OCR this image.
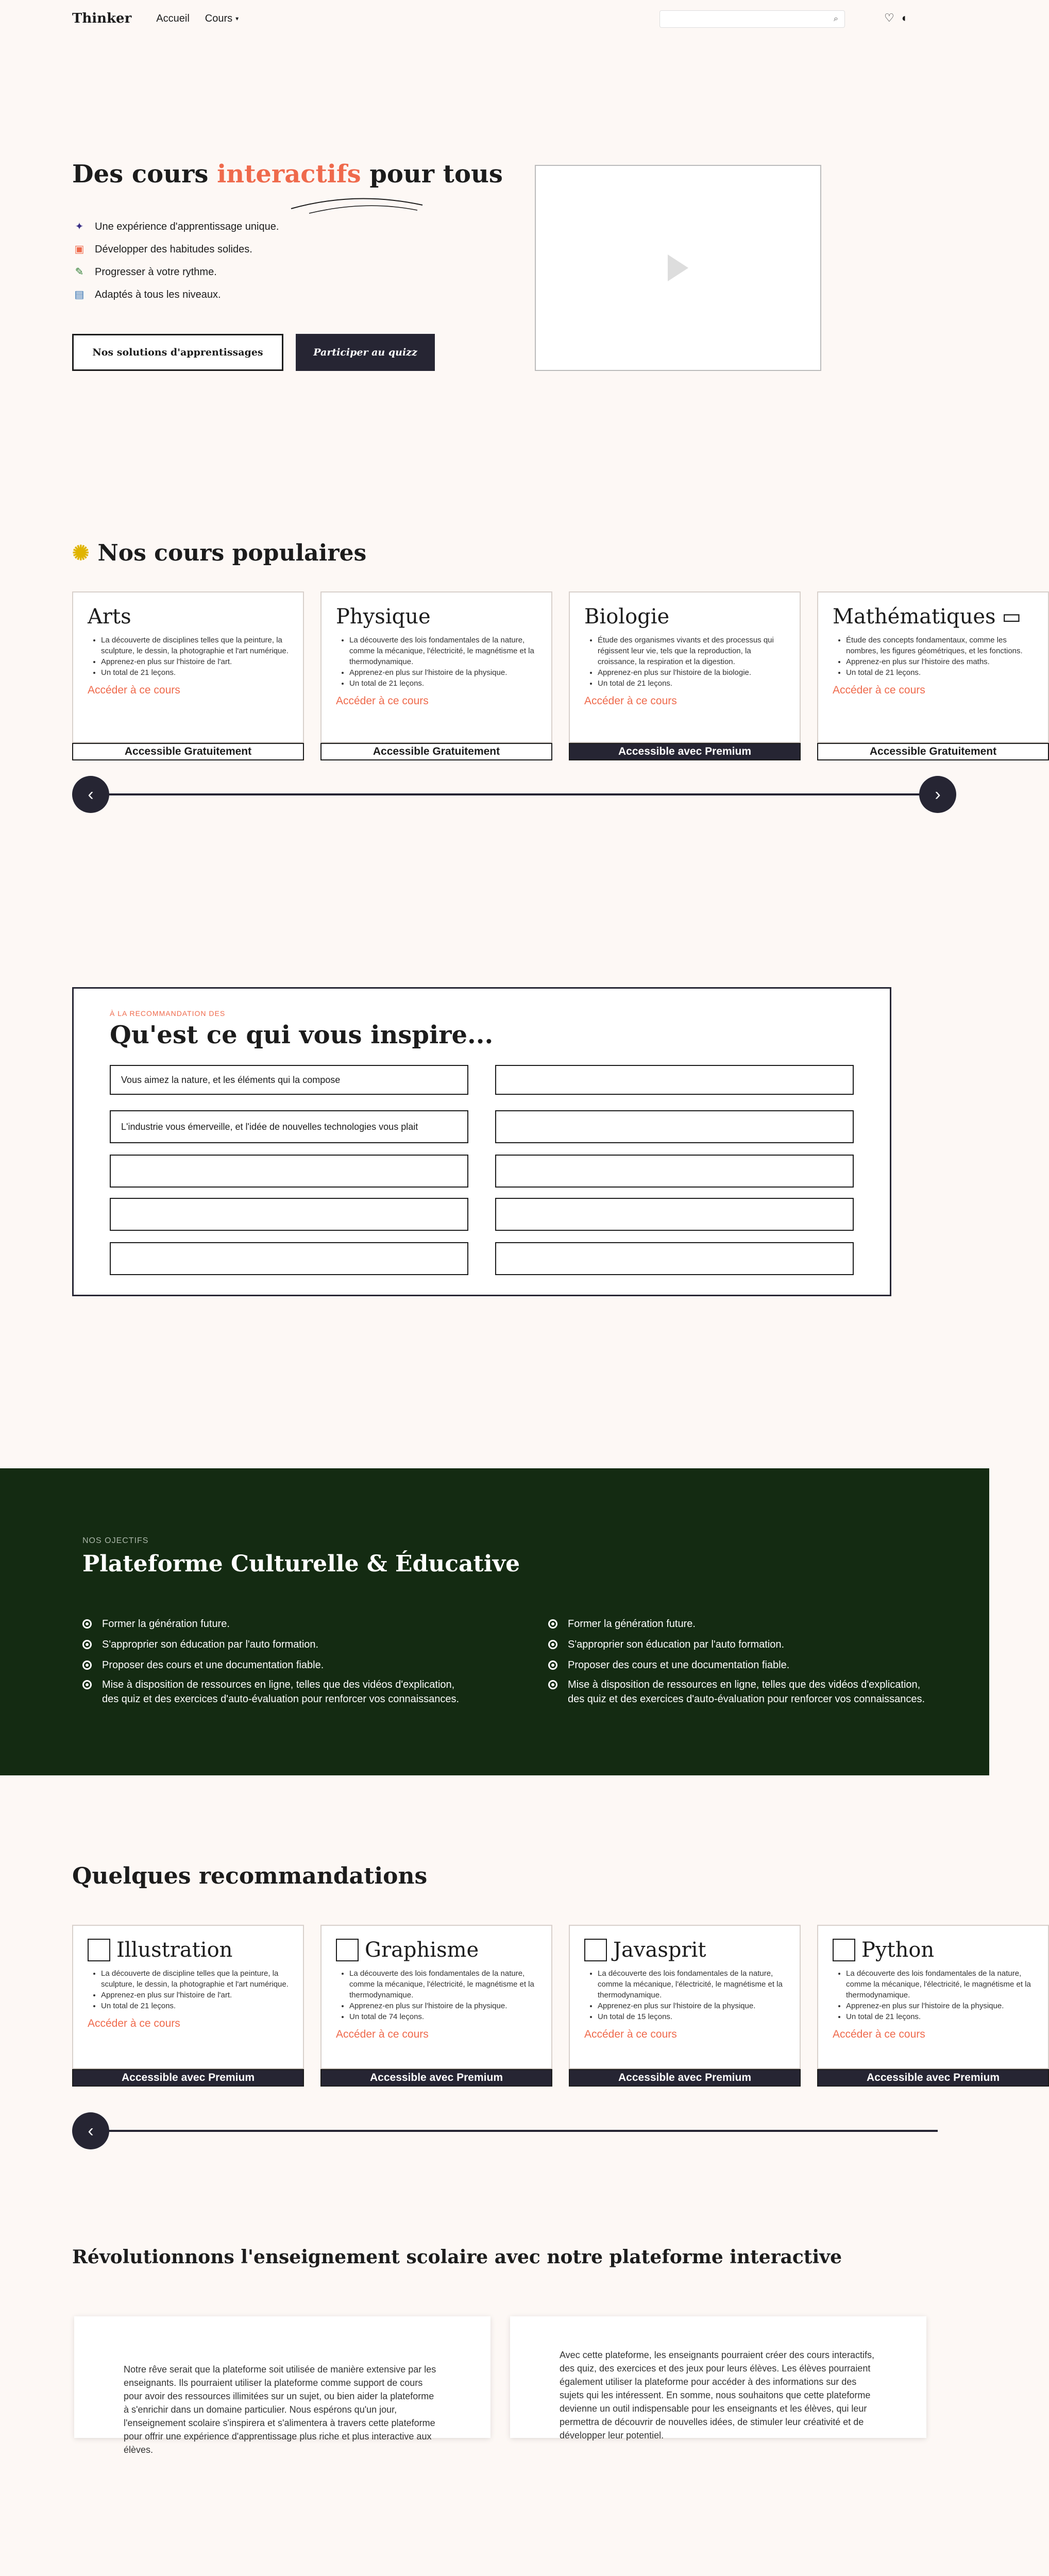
Thinker Accueil Cours ▾	⌕	♡ ◐
Des cours interactifs pour tous
✦ Une expérience d'apprentissage unique.
▣ Développer des habitudes solides.
✎ Progresser à votre rythme.
▤ Adaptés à tous les niveaux.
Nos solutions d'apprentissages	Participer au quizz
✺ Nos cours populaires
Arts
• La découverte de disciplines telles que la peinture, la sculpture, le dessin, la photographie et l'art numérique.
• Apprenez-en plus sur l'histoire de l'art.
• Un total de 21 leçons.
Accéder à ce cours
Accessible Gratuitement
Physique
• La découverte des lois fondamentales de la nature, comme la mécanique, l'électricité, le magnétisme et la thermodynamique.
• Apprenez-en plus sur l'histoire de la physique.
• Un total de 21 leçons.
Accéder à ce cours
Accessible Gratuitement
Biologie
• Étude des organismes vivants et des processus qui régissent leur vie, tels que la reproduction, la croissance, la respiration et la digestion.
• Apprenez-en plus sur l'histoire de la biologie.
• Un total de 21 leçons.
Accéder à ce cours
Accessible avec Premium
Mathématiques ▭
• Étude des concepts fondamentaux, comme les nombres, les figures géométriques, et les fonctions.
• Apprenez-en plus sur l'histoire des maths.
• Un total de 21 leçons.
Accéder à ce cours
Accessible Gratuitement
‹	›
À LA RECOMMANDATION DES
Qu'est ce qui vous inspire...
Vous aimez la nature, et les éléments qui la compose
L'industrie vous émerveille, et l'idée de nouvelles technologies vous plait
NOS OJECTIFS
Plateforme Culturelle & Éducative
Former la génération future.
S'approprier son éducation par l'auto formation.
Proposer des cours et une documentation fiable.
Mise à disposition de ressources en ligne, telles que des vidéos d'explication,
des quiz et des exercices d'auto-évaluation pour renforcer vos connaissances.
Former la génération future.
S'approprier son éducation par l'auto formation.
Proposer des cours et une documentation fiable.
Mise à disposition de ressources en ligne, telles que des vidéos d'explication,
des quiz et des exercices d'auto-évaluation pour renforcer vos connaissances.
Quelques recommandations
Illustration
• La découverte de discipline telles que la peinture, la sculpture, le dessin, la photographie et l'art numérique.
• Apprenez-en plus sur l'histoire de l'art.
• Un total de 21 leçons.
Accéder à ce cours
Accessible avec Premium
Graphisme
• La découverte des lois fondamentales de la nature, comme la mécanique, l'électricité, le magnétisme et la thermodynamique.
• Apprenez-en plus sur l'histoire de la physique.
• Un total de 74 leçons.
Accéder à ce cours
Accessible avec Premium
Javasprit
• La découverte des lois fondamentales de la nature, comme la mécanique, l'électricité, le magnétisme et la thermodynamique.
• Apprenez-en plus sur l'histoire de la physique.
• Un total de 15 leçons.
Accéder à ce cours
Accessible avec Premium
Python
• La découverte des lois fondamentales de la nature, comme la mécanique, l'électricité, le magnétisme et la thermodynamique.
• Apprenez-en plus sur l'histoire de la physique.
• Un total de 21 leçons.
Accéder à ce cours
Accessible avec Premium
‹
Révolutionnons l'enseignement scolaire avec notre plateforme interactive

Notre rêve serait que la plateforme soit utilisée de manière extensive par les enseignants. Ils pourraient utiliser la plateforme comme support de cours pour avoir des ressources illimitées sur un sujet, ou bien aider la plateforme à s'enrichir dans un domaine particulier. Nous espérons qu'un jour, l'enseignement scolaire s'inspirera et s'alimentera à travers cette plateforme pour offrir une expérience d'apprentissage plus riche et plus interactive aux élèves.

Avec cette plateforme, les enseignants pourraient créer des cours interactifs, des quiz, des exercices et des jeux pour leurs élèves. Les élèves pourraient également utiliser la plateforme pour accéder à des informations sur des sujets qui les intéressent. En somme, nous souhaitons que cette plateforme devienne un outil indispensable pour les enseignants et les élèves, qui leur permettra de découvrir de nouvelles idées, de stimuler leur créativité et de développer leur potentiel.
